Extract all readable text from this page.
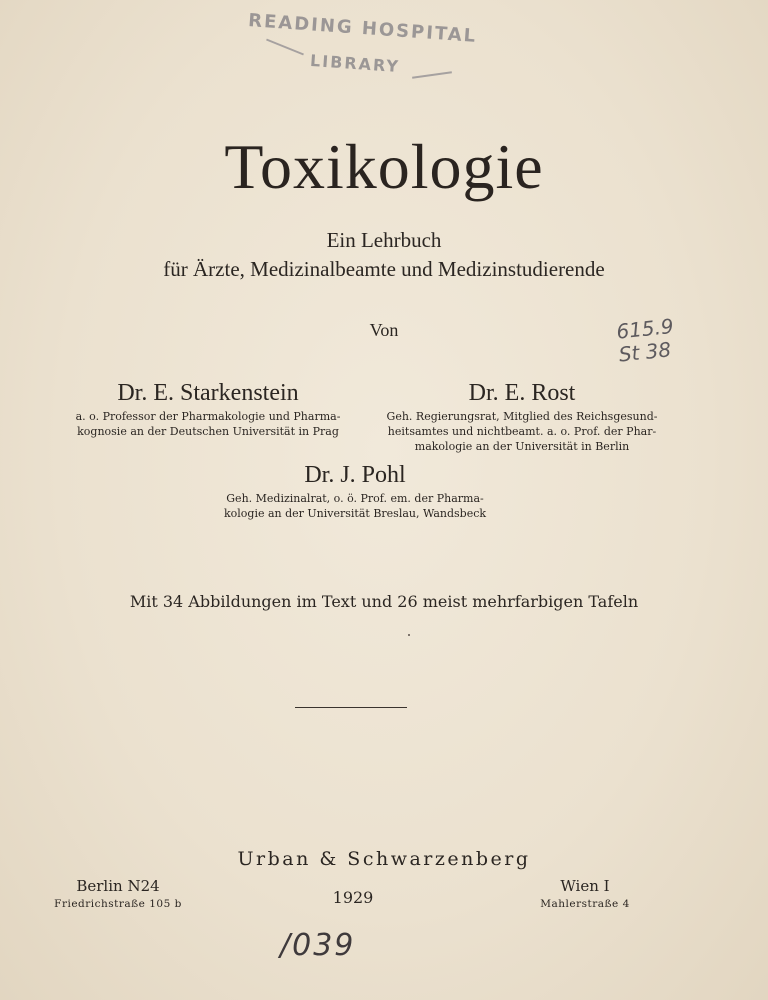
READING HOSPITAL
LIBRARY
Toxikologie
Ein Lehrbuch
für Ärzte, Medizinalbeamte und Medizinstudierende
Von	615.9
St 38
Dr. E. Starkenstein
a. o. Professor der Pharmakologie und Pharma-
kognosie an der Deutschen Universität in Prag
Dr. E. Rost
Geh. Regierungsrat, Mitglied des Reichsgesund-
heitsamtes und nichtbeamt. a. o. Prof. der Phar-
makologie an der Universität in Berlin
Dr. J. Pohl
Geh. Medizinalrat, o. ö. Prof. em. der Pharma-
kologie an der Universität Breslau, Wandsbeck
Mit 34 Abbildungen im Text und 26 meist mehrfarbigen Tafeln
Urban & Schwarzenberg
Berlin N24
Friedrichstraße 105 b	1929
Wien I
Mahlerstraße 4
/039
